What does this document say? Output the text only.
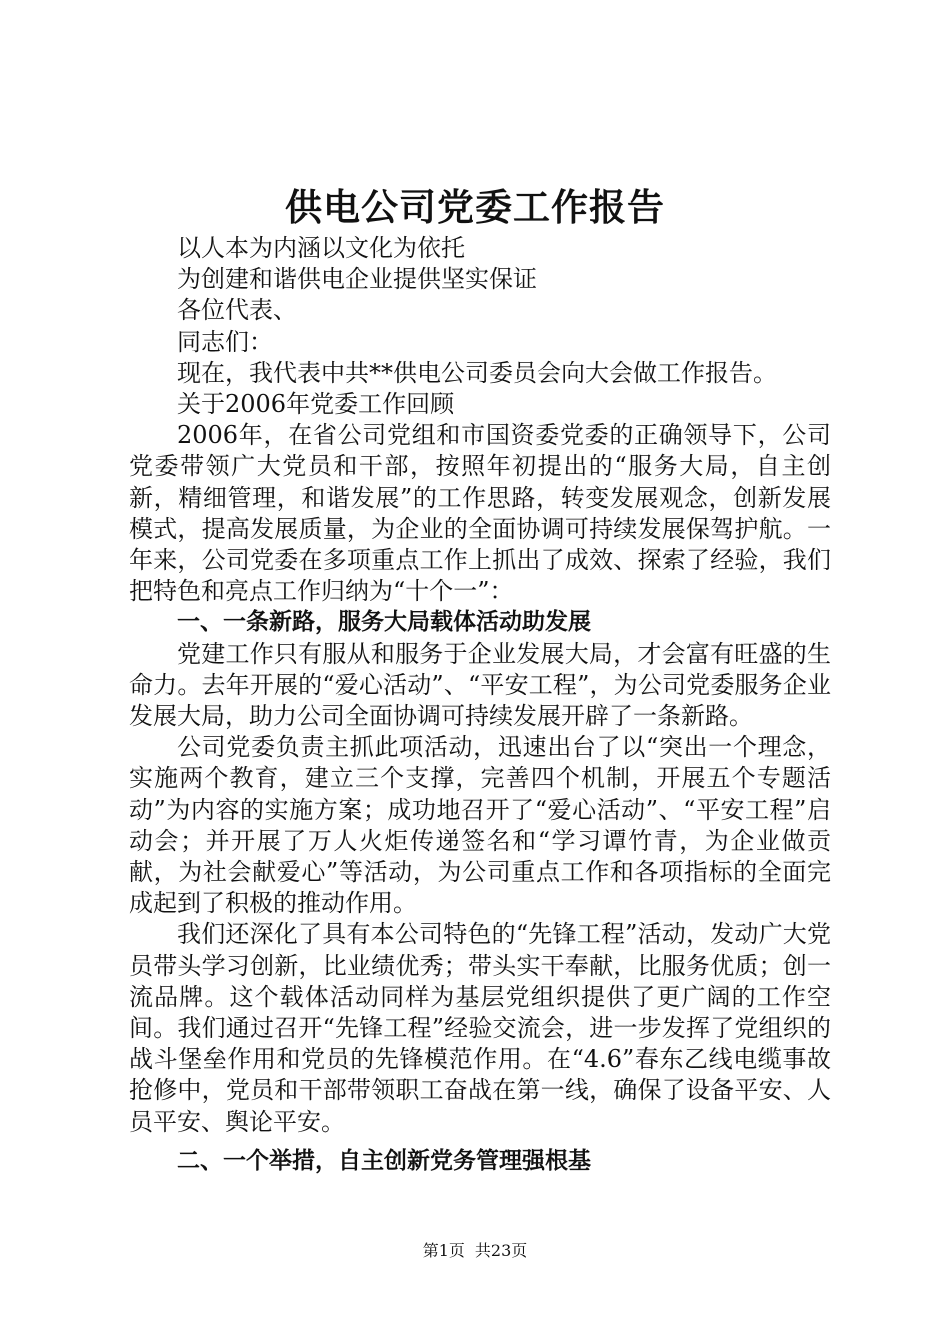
供电公司党委工作报告

以人本为内涵以文化为依托

为创建和谐供电企业提供坚实保证

各位代表、

同志们：

现在，我代表中共**供电公司委员会向大会做工作报告。

关于2006年党委工作回顾

2006年，在省公司党组和市国资委党委的正确领导下，公司党委带领广大党员和干部，按照年初提出的“服务大局，自主创新，精细管理，和谐发展”的工作思路，转变发展观念，创新发展模式，提高发展质量，为企业的全面协调可持续发展保驾护航。一年来，公司党委在多项重点工作上抓出了成效、探索了经验，我们把特色和亮点工作归纳为“十个一”：

一、一条新路，服务大局载体活动助发展

党建工作只有服从和服务于企业发展大局，才会富有旺盛的生命力。去年开展的“爱心活动”、“平安工程”，为公司党委服务企业发展大局，助力公司全面协调可持续发展开辟了一条新路。

公司党委负责主抓此项活动，迅速出台了以“突出一个理念，实施两个教育，建立三个支撑，完善四个机制，开展五个专题活动”为内容的实施方案；成功地召开了“爱心活动”、“平安工程”启动会；并开展了万人火炬传递签名和“学习谭竹青，为企业做贡献，为社会献爱心”等活动，为公司重点工作和各项指标的全面完成起到了积极的推动作用。

我们还深化了具有本公司特色的“先锋工程”活动，发动广大党员带头学习创新，比业绩优秀；带头实干奉献，比服务优质；创一流品牌。这个载体活动同样为基层党组织提供了更广阔的工作空间。我们通过召开“先锋工程”经验交流会，进一步发挥了党组织的战斗堡垒作用和党员的先锋模范作用。在“4.6”春东乙线电缆事故抢修中，党员和干部带领职工奋战在第一线，确保了设备平安、人员平安、舆论平安。

二、一个举措，自主创新党务管理强根基

第1页 共23页
